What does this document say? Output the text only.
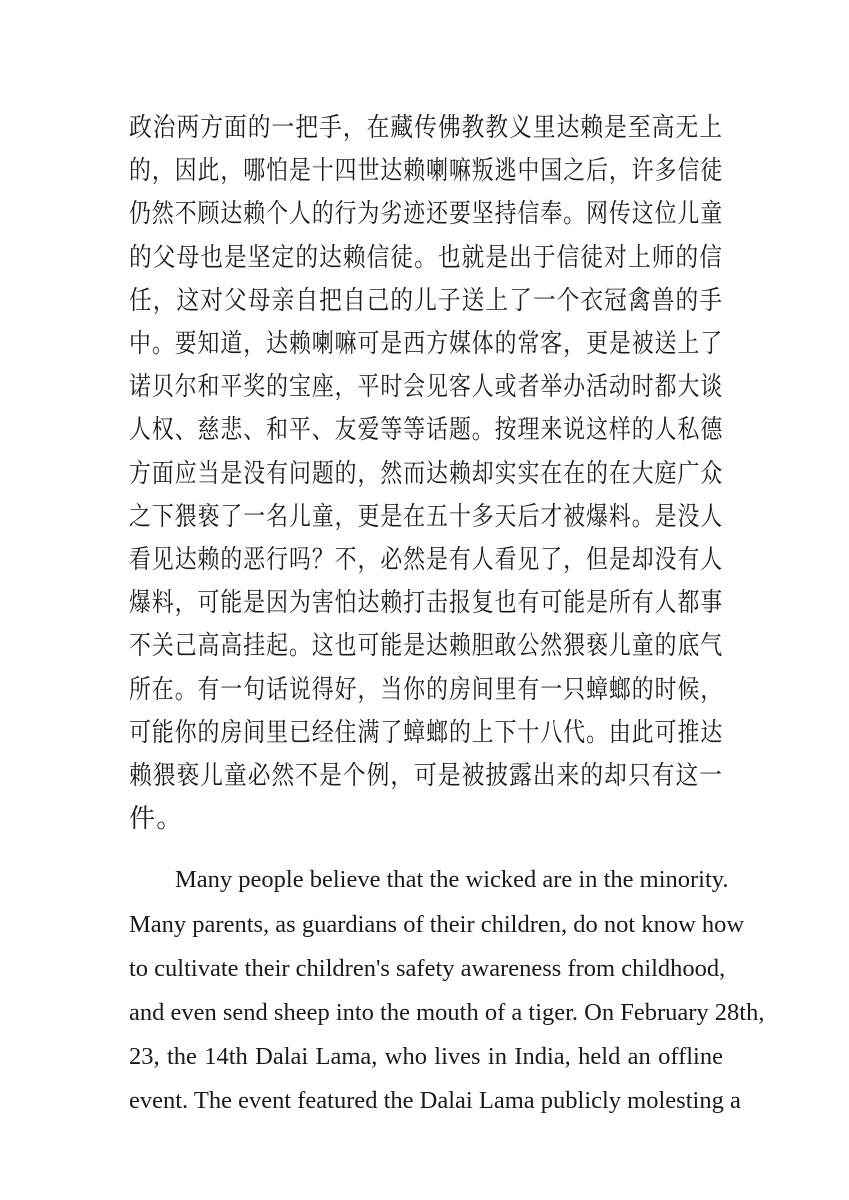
政治两方面的一把手，在藏传佛教教义里达赖是至高无上
的，因此，哪怕是十四世达赖喇嘛叛逃中国之后，许多信徒
仍然不顾达赖个人的行为劣迹还要坚持信奉。网传这位儿童
的父母也是坚定的达赖信徒。也就是出于信徒对上师的信
任，这对父母亲自把自己的儿子送上了一个衣冠禽兽的手
中。要知道，达赖喇嘛可是西方媒体的常客，更是被送上了
诺贝尔和平奖的宝座，平时会见客人或者举办活动时都大谈
人权、慈悲、和平、友爱等等话题。按理来说这样的人私德
方面应当是没有问题的，然而达赖却实实在在的在大庭广众
之下猥亵了一名儿童，更是在五十多天后才被爆料。是没人
看见达赖的恶行吗？不，必然是有人看见了，但是却没有人
爆料，可能是因为害怕达赖打击报复也有可能是所有人都事
不关己高高挂起。这也可能是达赖胆敢公然猥亵儿童的底气
所在。有一句话说得好，当你的房间里有一只蟑螂的时候，
可能你的房间里已经住满了蟑螂的上下十八代。由此可推达
赖猥亵儿童必然不是个例，可是被披露出来的却只有这一
件。
Many people believe that the wicked are in the minority.
Many parents, as guardians of their children, do not know how
to cultivate their children's safety awareness from childhood,
and even send sheep into the mouth of a tiger. On February 28th,
23, the 14th Dalai Lama, who lives in India, held an offline
event. The event featured the Dalai Lama publicly molesting a
